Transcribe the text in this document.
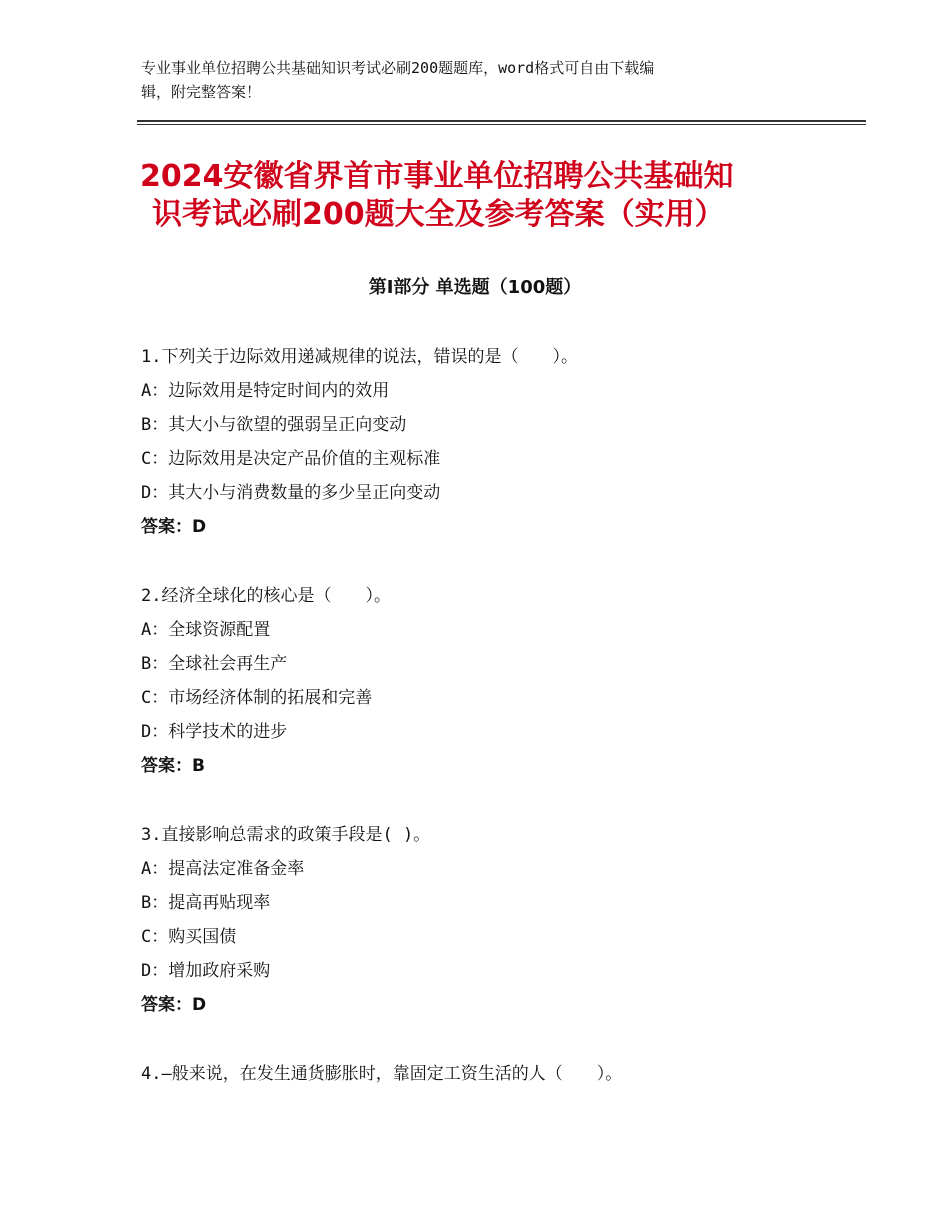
专业事业单位招聘公共基础知识考试必刷200题题库，word格式可自由下载编
辑，附完整答案！
2024安徽省界首市事业单位招聘公共基础知
识考试必刷200题大全及参考答案（实用）
第I部分 单选题（100题）
1.下列关于边际效用递减规律的说法，错误的是（　　）。
A：边际效用是特定时间内的效用
B：其大小与欲望的强弱呈正向变动
C：边际效用是决定产品价值的主观标准
D：其大小与消费数量的多少呈正向变动
答案：D
2.经济全球化的核心是（　　）。
A：全球资源配置
B：全球社会再生产
C：市场经济体制的拓展和完善
D：科学技术的进步
答案：B
3.直接影响总需求的政策手段是( )。
A：提高法定准备金率
B：提高再贴现率
C：购买国债
D：增加政府采购
答案：D
4.—般来说，在发生通货膨胀时，靠固定工资生活的人（　　）。
